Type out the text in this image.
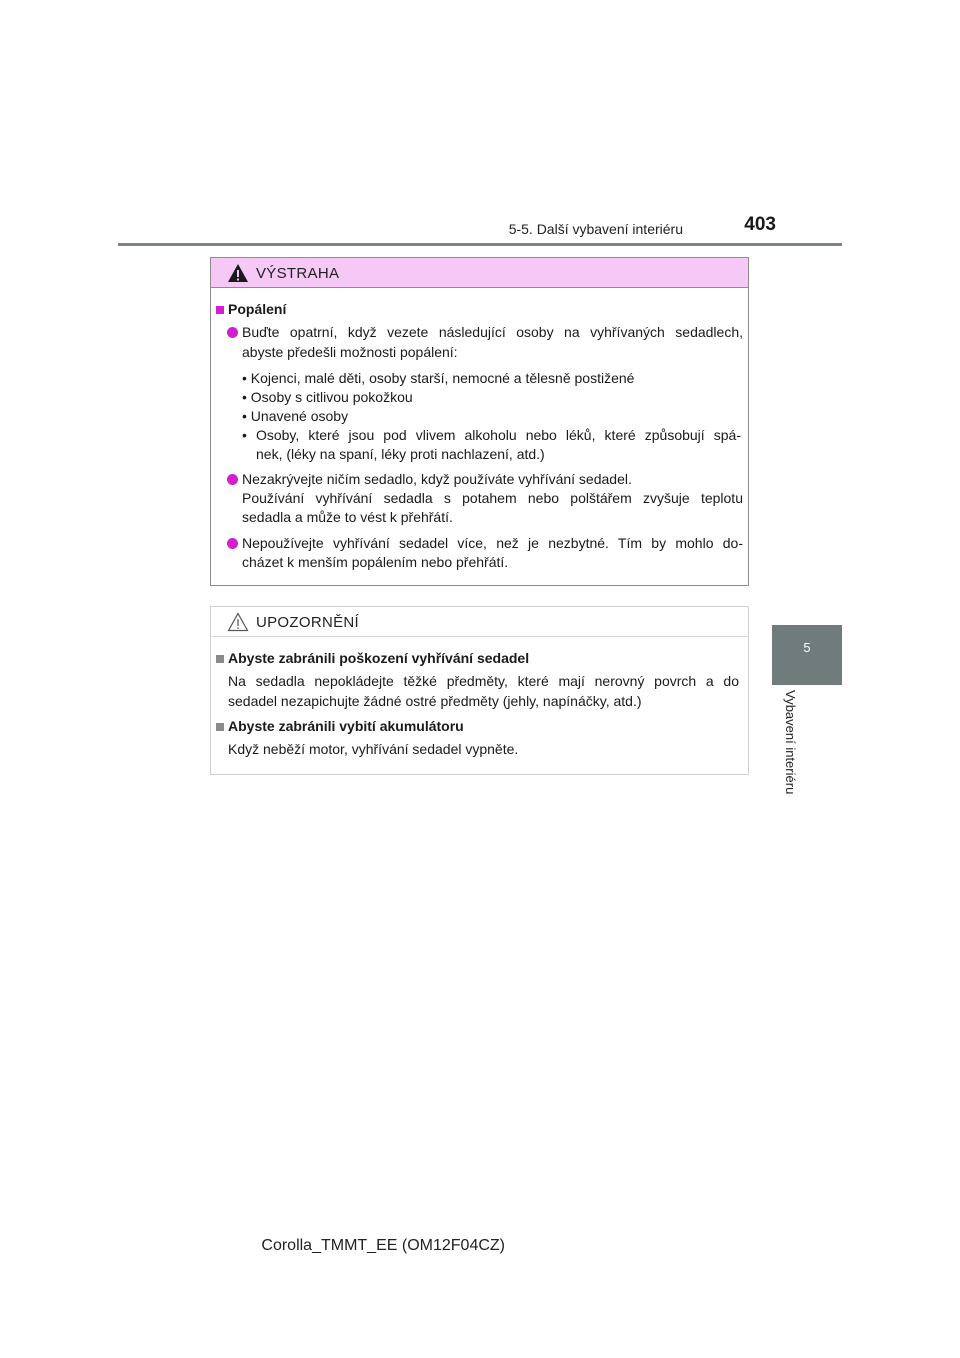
5-5. Další vybavení interiéru	403
5
Vybavení interiéru
VÝSTRAHA
Popálení
Buďte opatrní, když vezete následující osoby na vyhřívaných sedadlech,
abyste předešli možnosti popálení:
• Kojenci, malé děti, osoby starší, nemocné a tělesně postižené
• Osoby s citlivou pokožkou
• Unavené osoby
• Osoby, které jsou pod vlivem alkoholu nebo léků, které způsobují spá-
nek, (léky na spaní, léky proti nachlazení, atd.)
Nezakrývejte ničím sedadlo, když používáte vyhřívání sedadel.
Používání vyhřívání sedadla s potahem nebo polštářem zvyšuje teplotu
sedadla a může to vést k přehřátí.
Nepoužívejte vyhřívání sedadel více, než je nezbytné. Tím by mohlo do-
cházet k menším popálením nebo přehřátí.
UPOZORNĚNÍ
Abyste zabránili poškození vyhřívání sedadel
Na sedadla nepokládejte těžké předměty, které mají nerovný povrch a do
sedadel nezapichujte žádné ostré předměty (jehly, napínáčky, atd.)
Abyste zabránili vybití akumulátoru
Když neběží motor, vyhřívání sedadel vypněte.
Corolla_TMMT_EE (OM12F04CZ)
